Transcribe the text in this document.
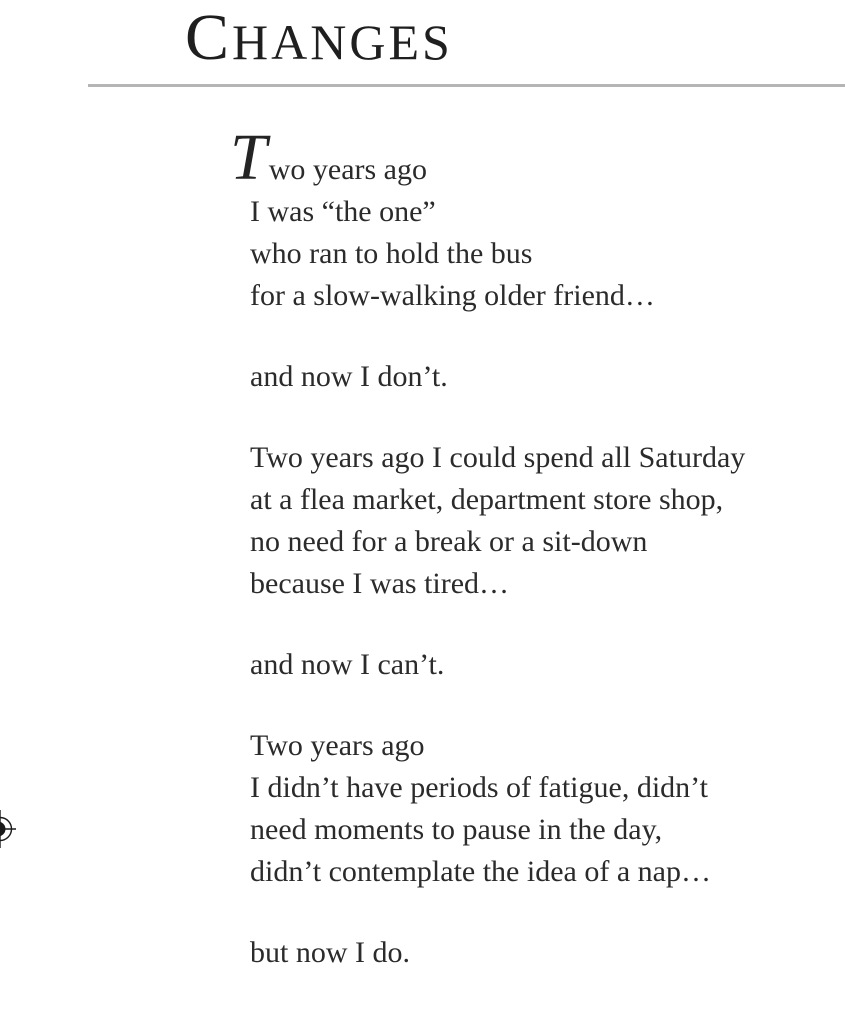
CHANGES
Two years ago
I was “the one”
who ran to hold the bus
for a slow-walking older friend…
and now I don’t.
Two years ago I could spend all Saturday
at a flea market, department store shop,
no need for a break or a sit-down
because I was tired…
and now I can’t.
Two years ago
I didn’t have periods of fatigue, didn’t
need moments to pause in the day,
didn’t contemplate the idea of a nap…
but now I do.
